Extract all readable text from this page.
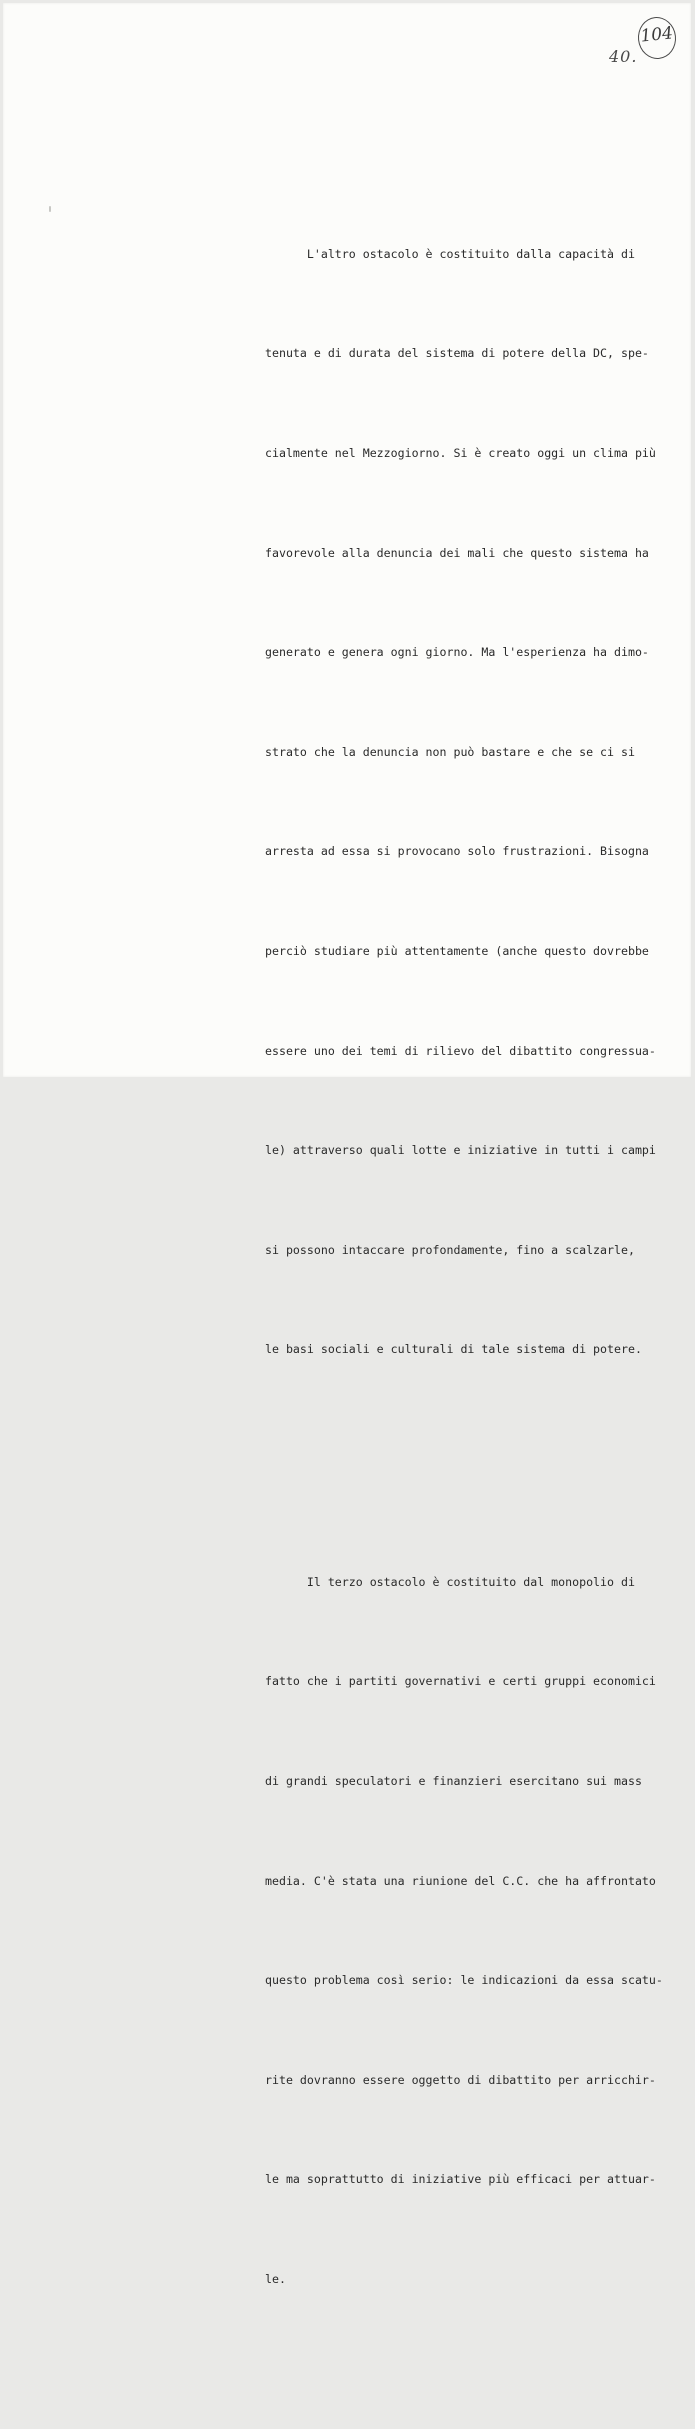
104
40.

L'altro ostacolo è costituito dalla capacità di

tenuta e di durata del sistema di potere della DC, spe-

cialmente nel Mezzogiorno. Si è creato oggi un clima più

favorevole alla denuncia dei mali che questo sistema ha

generato e genera ogni giorno. Ma l'esperienza ha dimo-

strato che la denuncia non può bastare e che se ci si

arresta ad essa si provocano solo frustrazioni. Bisogna

perciò studiare più attentamente (anche questo dovrebbe

essere uno dei temi di rilievo del dibattito congressua-

le) attraverso quali lotte e iniziative in tutti i campi

si possono intaccare profondamente, fino a scalzarle,

le basi sociali e culturali di tale sistema di potere.

Il terzo ostacolo è costituito dal monopolio di

fatto che i partiti governativi e certi gruppi economici

di grandi speculatori e finanzieri esercitano sui mass

media. C'è stata una riunione del C.C. che ha affrontato

questo problema così serio: le indicazioni da essa scatu-

rite dovranno essere oggetto di dibattito per arricchir-

le ma soprattutto di iniziative più efficaci per attuar-

le.
